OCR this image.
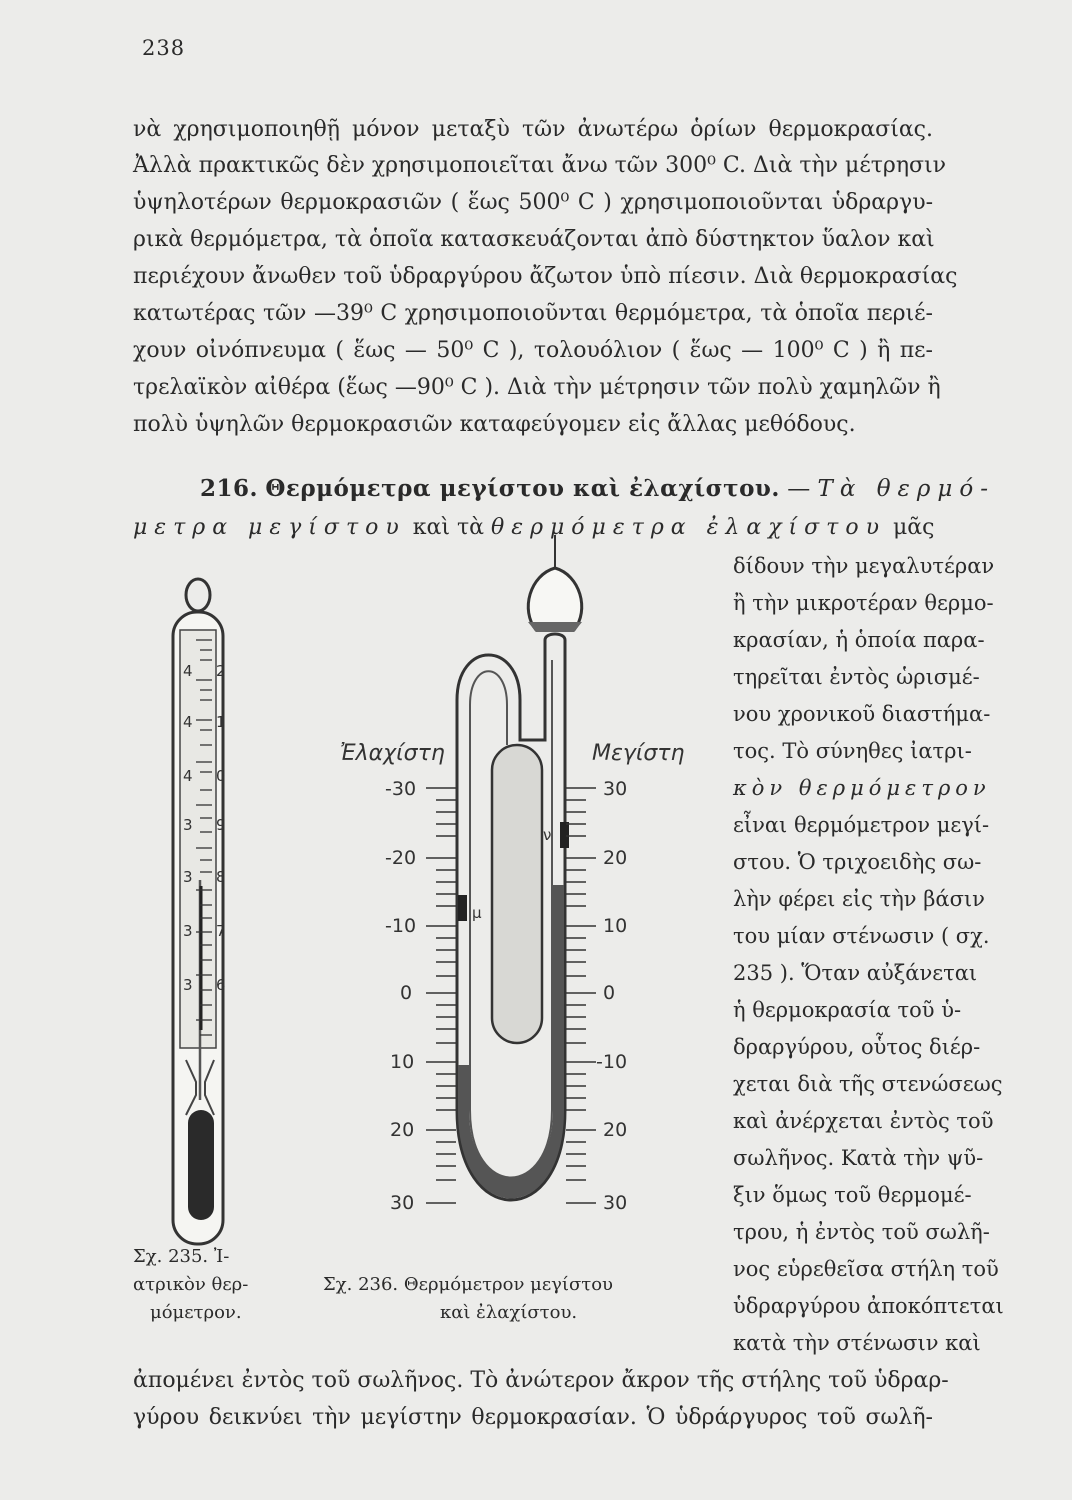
238
νὰ χρησιμοποιηθῇ μόνον μεταξὺ τῶν ἀνωτέρω ὁρίων θερμοκρασίας.
Ἀλλὰ πρακτικῶς δὲν χρησιμοποιεῖται ἄνω τῶν 300⁰ C. Διὰ τὴν μέτρησιν
ὑψηλοτέρων θερμοκρασιῶν ( ἕως 500⁰ C ) χρησιμοποιοῦνται ὑδραργυ-
ρικὰ θερμόμετρα, τὰ ὁποῖα κατασκευάζονται ἀπὸ δύστηκτον ὕαλον καὶ
περιέχουν ἄνωθεν τοῦ ὑδραργύρου ἄζωτον ὑπὸ πίεσιν. Διὰ θερμοκρασίας
κατωτέρας τῶν —39⁰ C χρησιμοποιοῦνται θερμόμετρα, τὰ ὁποῖα περιέ-
χουν οἰνόπνευμα ( ἕως — 50⁰ C ), τολουόλιον ( ἕως — 100⁰ C ) ἢ πε-
τρελαϊκὸν αἰθέρα (ἕως —90⁰ C ). Διὰ τὴν μέτρησιν τῶν πολὺ χαμηλῶν ἢ
πολὺ ὑψηλῶν θερμοκρασιῶν καταφεύγομεν εἰς ἄλλας μεθόδους.
216. Θερμόμετρα μεγίστου καὶ ἐλαχίστου. — Τὰ θερμό-
μετρα μεγίστου καὶ τὰ θερμόμετρα ἐλαχίστου μᾶς
δίδουν τὴν μεγαλυτέραν
ἢ τὴν μικροτέραν θερμο-
κρασίαν, ἡ ὁποία παρα-
τηρεῖται ἐντὸς ὡρισμέ-
νου χρονικοῦ διαστήμα-
τος. Τὸ σύνηθες ἰατρι-
κὸν θερμόμετρον
εἶναι θερμόμετρον μεγί-
στου. Ὁ τριχοειδὴς σω-
λὴν φέρει εἰς τὴν βάσιν
του μίαν στένωσιν ( σχ.
235 ). Ὅταν αὐξάνεται
ἡ θερμοκρασία τοῦ ὑ-
δραργύρου, οὗτος διέρ-
χεται διὰ τῆς στενώσεως
καὶ ἀνέρχεται ἐντὸς τοῦ
σωλῆνος. Κατὰ τὴν ψῦ-
ξιν ὅμως τοῦ θερμομέ-
τρου, ἡ ἐντὸς τοῦ σωλῆ-
νος εὑρεθεῖσα στήλη τοῦ
ὑδραργύρου ἀποκόπτεται
κατὰ τὴν στένωσιν καὶ
ἀπομένει ἐντὸς τοῦ σωλῆνος. Τὸ ἀνώτερον ἄκρον τῆς στήλης τοῦ ὑδραρ-
γύρου δεικνύει τὴν μεγίστην θερμοκρασίαν. Ὁ ὑδράργυρος τοῦ σωλῆ-
4 2
4 1
4 0
3 9
3 8
3 7
3 6
μ
ν
Ἐλαχίστη	Μεγίστη
-30
-20
-10
0
10
20
30
30
20
10
0
-10
20
30
Σχ. 235. Ἰ-
ατρικὸν θερ-
μόμετρον.
Σχ. 236. Θερμόμετρον μεγίστου
καὶ ἐλαχίστου.
